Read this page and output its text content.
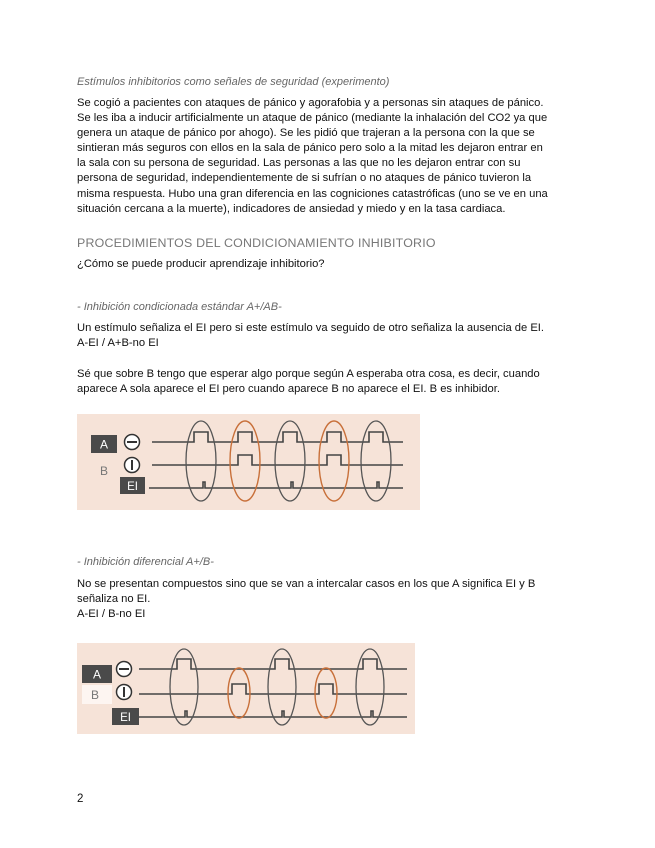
Estímulos inhibitorios como señales de seguridad (experimento)

Se cogió a pacientes con ataques de pánico y agorafobia y a personas sin ataques de pánico.

Se les iba a inducir artificialmente un ataque de pánico (mediante la inhalación del CO2 ya que

genera un ataque de pánico por ahogo). Se les pidió que trajeran a la persona con la que se

sintieran más seguros con ellos en la sala de pánico pero solo a la mitad les dejaron entrar en

la sala con su persona de seguridad. Las personas a las que no les dejaron entrar con su

persona de seguridad, independientemente de si sufrían o no ataques de pánico tuvieron la

misma respuesta. Hubo una gran diferencia en las cogniciones catastróficas (uno se ve en una

situación cercana a la muerte), indicadores de ansiedad y miedo y en la tasa cardiaca.

PROCEDIMIENTOS DEL CONDICIONAMIENTO INHIBITORIO
¿Cómo se puede producir aprendizaje inhibitorio?
- Inhibición condicionada estándar A+/AB-
Un estímulo señaliza el EI pero si este estímulo va seguido de otro señaliza la ausencia de EI.
A-EI / A+B-no EI
Sé que sobre B tengo que esperar algo porque según A esperaba otra cosa, es decir, cuando
aparece A sola aparece el EI pero cuando aparece B no aparece el EI. B es inhibidor.
A
B
EI
- Inhibición diferencial A+/B-
No se presentan compuestos sino que se van a intercalar casos en los que A significa EI y B
señaliza no EI.
A-EI / B-no EI
A
B
EI
2
